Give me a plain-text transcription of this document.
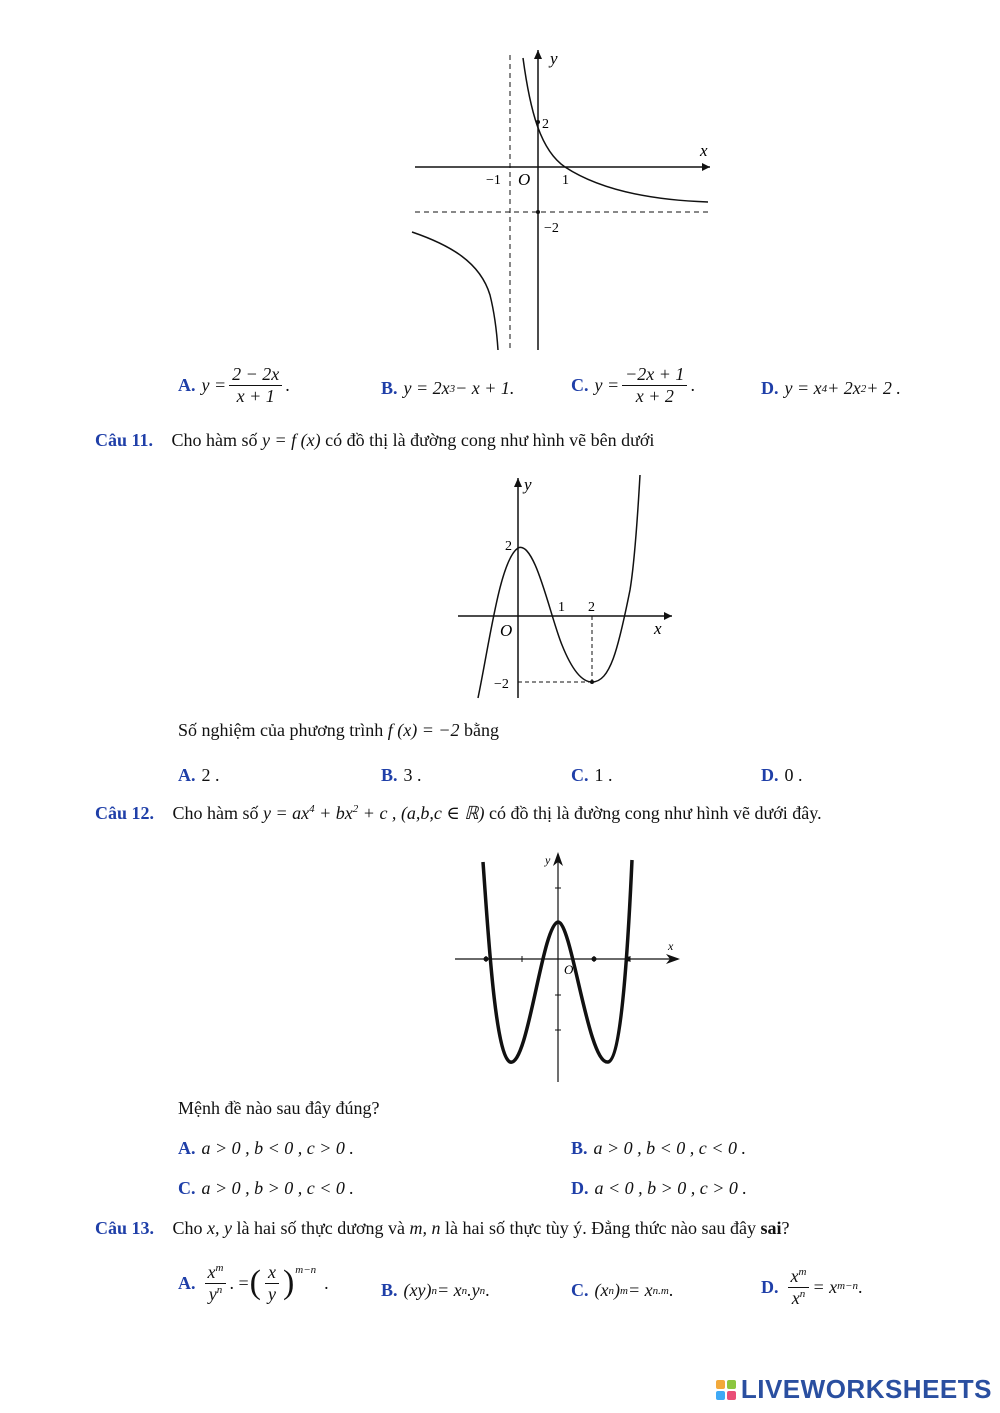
y
x
O
2
−1	1
−2
A. $y = \frac{2 - 2x}{x + 1}$ .	B. y = 2x 3 − x + 1.	C. $y = \frac{-2x + 1}{x + 2}$ .	D. y = x 4 + 2x 2 + 2 .
Câu 11. Cho hàm số y = f (x) có đồ thị là đường cong như hình vẽ bên dưới
y
x
O
2
1 2
−2
Số nghiệm của phương trình f (x) = −2 bằng
A. 2 .	B. 3 .	C. 1 .	D. 0 .
Câu 12. Cho hàm số $y = ax^4 + bx^2 + c$ , (a,b,c ∈ ℝ) có đồ thị là đường cong như hình vẽ dưới đây.
y
x
O
Mệnh đề nào sau đây đúng?
A. a > 0 , b < 0 , c > 0 .	B. a > 0 , b < 0 , c < 0 .
C. a > 0 , b > 0 , c < 0 .	D. a < 0 , b > 0 , c > 0 .
Câu 13. Cho x, y là hai số thực dương và m, n là hai số thực tùy ý. Đẳng thức nào sau đây sai?
A. $\frac{x^m}{y^n}$ . = ( $\frac{x}{y} )^{m-n}$
.	B. (xy) n = x n .y n .	C. (x n ) m = x n.m .	D. $\frac{x^m}{x^n} = x$ m−n .
LIVEWORKSHEETS
